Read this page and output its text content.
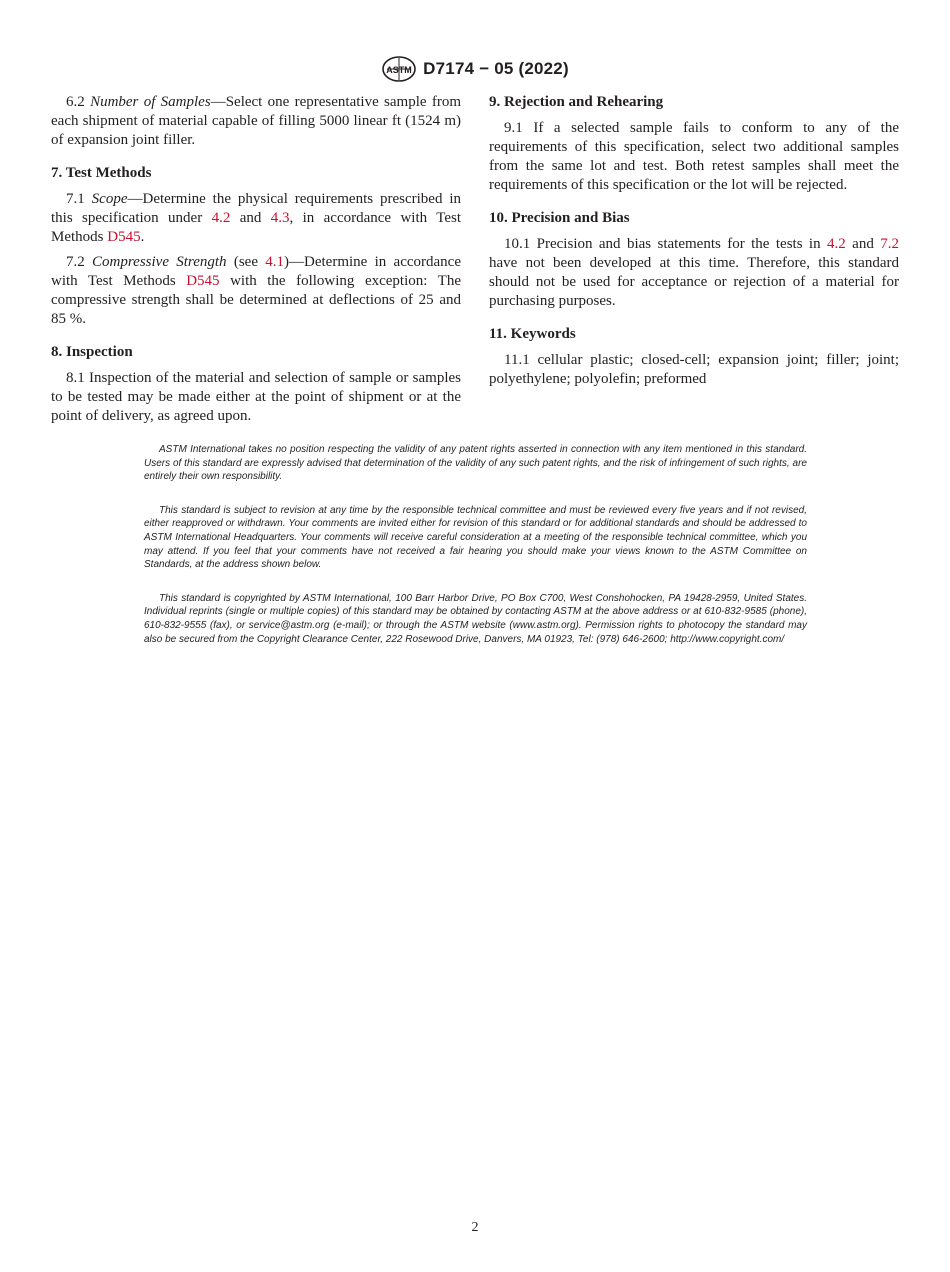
ASTM D7174 − 05 (2022)

6.2 Number of Samples—Select one representative sample from each shipment of material capable of filling 5000 linear ft (1524 m) of expansion joint filler.

7. Test Methods

7.1 Scope—Determine the physical requirements prescribed in this specification under 4.2 and 4.3, in accordance with Test Methods D545.

7.2 Compressive Strength (see 4.1)—Determine in accordance with Test Methods D545 with the following exception: The compressive strength shall be determined at deflections of 25 and 85 %.

8. Inspection

8.1 Inspection of the material and selection of sample or samples to be tested may be made either at the point of shipment or at the point of delivery, as agreed upon.

9. Rejection and Rehearing

9.1 If a selected sample fails to conform to any of the requirements of this specification, select two additional samples from the same lot and test. Both retest samples shall meet the requirements of this specification or the lot will be rejected.

10. Precision and Bias

10.1 Precision and bias statements for the tests in 4.2 and 7.2 have not been developed at this time. Therefore, this standard should not be used for acceptance or rejection of a material for purchasing purposes.

11. Keywords

11.1 cellular plastic; closed-cell; expansion joint; filler; joint; polyethylene; polyolefin; preformed

ASTM International takes no position respecting the validity of any patent rights asserted in connection with any item mentioned in this standard. Users of this standard are expressly advised that determination of the validity of any such patent rights, and the risk of infringement of such rights, are entirely their own responsibility.

This standard is subject to revision at any time by the responsible technical committee and must be reviewed every five years and if not revised, either reapproved or withdrawn. Your comments are invited either for revision of this standard or for additional standards and should be addressed to ASTM International Headquarters. Your comments will receive careful consideration at a meeting of the responsible technical committee, which you may attend. If you feel that your comments have not received a fair hearing you should make your views known to the ASTM Committee on Standards, at the address shown below.

This standard is copyrighted by ASTM International, 100 Barr Harbor Drive, PO Box C700, West Conshohocken, PA 19428-2959, United States. Individual reprints (single or multiple copies) of this standard may be obtained by contacting ASTM at the above address or at 610-832-9585 (phone), 610-832-9555 (fax), or service@astm.org (e-mail); or through the ASTM website (www.astm.org). Permission rights to photocopy the standard may also be secured from the Copyright Clearance Center, 222 Rosewood Drive, Danvers, MA 01923, Tel: (978) 646-2600; http://www.copyright.com/

2
